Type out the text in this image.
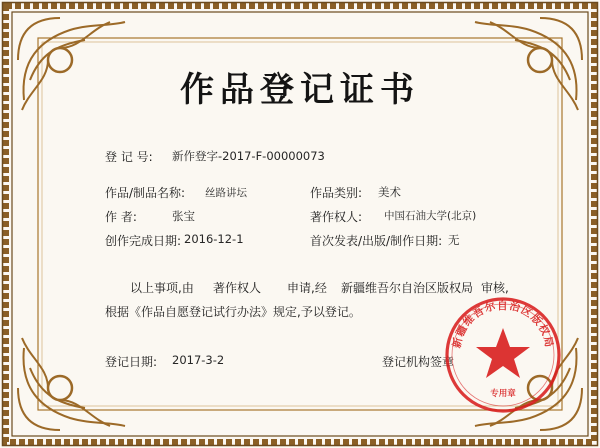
作品登记证书
登 记 号: 新作登字-2017-F-00000073
作品/制品名称: 丝路讲坛	作品类别: 美术
作 者:	张宝	著作权人: 中国石油大学(北京)
创作完成日期: 2016-12-1	首次发表/出版/制作日期: 无
以上事项,由 著作权人 申请,经 新疆维吾尔自治区版权局 审核,
根据《作品自愿登记试行办法》规定,予以登记。
登记日期: 2017-3-2	登记机构签章
新疆维吾尔自治区版权局
专用章
